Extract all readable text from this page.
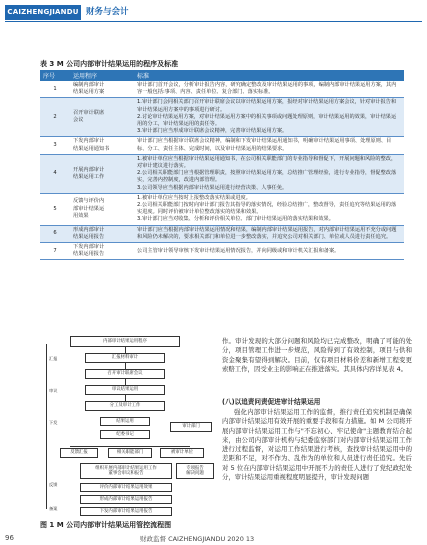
CAIZHENGJIANDU 财务与会计
表 3 M 公司内部审计结果运用的程序及标准
序号	运用程序	标准
1	编制内部审计
结果运用方案	审计部门首开会议，分析审计报告内容，研究确定整改及审计结果运用的事项，编制内部审计结果运用方案，其内容一般包括:事项、内容、责任单位、复合部门、落实标准。
2	召开审计联席
会议	1.审计部门会同相关部门召开审计联席会议以审计结果运用方案，报经对审计结果运用方案会议，针对审计报告和审计结果运用方案中的事项进行研讨。
2.讨论审计结果运用方案，对审计结果运用方案中的相关事项或问题处理原则，审计结果运用的效果，审计结果运用的分工，审计结果运用的责任等。
3.审计部门应当形成审计联席会议精神，完善审计结果运用方案。
3	下发内部审计
结果运用通知书	审计部门应当根据审计联席会议精神，编制和下发审计结果运用通知书，明确审计结果运用事项、处理原则、目标、分工、责任主体、完成时间，以及审计结果运用的结果要求。
4	开展内部审计
结果运用工作	1.被审计单位应当根据审计结果运用通知书，在公司相关职能部门的专业指导和督促下，开展问题和风险的整改，对审计建议进行落实。
2.公司相关职能部门应当根据管理职责，按照审计结果运用方案，总结推广管理经验，进行专业指导，督促整改落实，完善内控制度，改进内部管理。
3.公司领导应当根据内部审计结果运用进行经营决策、人事任免。
5	反馈与评价内
部审计结果运
用效果	1.被审计单位应当按时上报整改落实结果或进度。
2.公司相关职能部门按时向审计部门报告其指导的落实情况，经验总结推广，整改督导，责任追究等结果运用的落实进度。同时评价被审计单位整改落实的结果和效果。
3.审计部门应当对收集、分析和评价相关单位、部门审计结果运用的落实结果和效果。
6	形成内部审计
结果运用报告	审计部门应当根据内部审计结果运用情况和结果，编制内部审计结果运用报告，对内部审计结果运用不充分或问题和风险仍未解决的，要求相关部门和单位进一步整改落实，并追究公司对相关部门、单位或人员进行责任追究。
7	下发内部审计
结果运用报告	公司主管审计领导审核下发审计结果运用情况报告，并向同级或和审计机关汇报和备案。
内部审计结果运用程序
汇报材料审计
召开审计联席会议
审议结果运用
分工及审计工作
结果运用
纪委书记
审计部门
反馈汇报	相关职能部门	被审计单位
组织开展内部审计结果运用工作
董事会审议和报告
专项报告
解决问题
评价内部审计结果运用效果
形成内部审计结果运用报告
下发内部审计结果运用报告
汇报
审议
下发
反馈
备案
图 1 M 公司内部审计结果运用管控流程图
作。审计发现的大部分问题和风险均已完成整改，明确了可能的处分，项目管理工作进一步规范，风险得到了有效控制，项目与供和资金聚集有望得到解决。目前，仅有项目材料价差和新增工程变更索赔工作，因受业主的影响正在推进落实。其具体内容详见表 4。
(八)以追责问责促进审计结果运用
强化内部审计结果运用工作的监督，推行责任追究机制是确保内部审计结果运用有效开展的重要手段和有力措施。如 M 公司将开展内部审计结果运用工作与"不忘初心、牢记使命"主题教育结合起来，由公司内部审计机构与纪委监察部门对内部审计结果运用工作进行过程监督，对运用工作结果进行考核，查找审计结果运用中的差距和不足，对不作为、乱作为的单位和人员进行责任追究。先后对 5 位在内部审计结果运用中开展不力的责任人进行了党纪政纪处分，审计结果运用重视程度明显提升，审计发现问题
96	财政监督 CAIZHENGJIANDU 2020 13
